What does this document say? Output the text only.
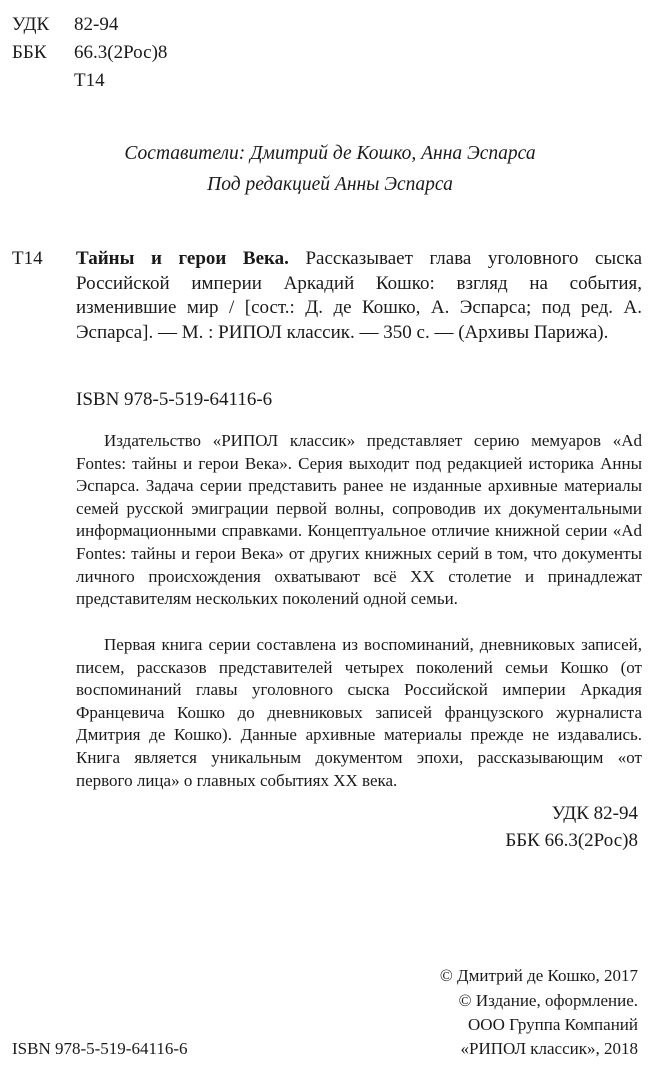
УДК 82-94
ББК 66.3(2Рос)8
Т14
Составители: Дмитрий де Кошко, Анна Эспарса
Под редакцией Анны Эспарса
Т14 Тайны и герои Века. Рассказывает глава уголовного сыска Российской империи Аркадий Кошко: взгляд на события, изменившие мир / [сост.: Д. де Кошко, А. Эспарса; под ред. А. Эспарса]. — М. : РИПОЛ классик. — 350 с. — (Архивы Парижа).
ISBN 978-5-519-64116-6

Издательство «РИПОЛ классик» представляет серию мемуаров «Ad Fontes: тайны и герои Века». Серия выходит под редакцией историка Анны Эспарса. Задача серии представить ранее не изданные архивные материалы семей русской эмиграции первой волны, сопроводив их документальными информационными справками. Концептуальное отличие книжной серии «Ad Fontes: тайны и герои Века» от других книжных серий в том, что документы личного происхождения охватывают всё XX столетие и принадлежат представителям нескольких поколений одной семьи.

Первая книга серии составлена из воспоминаний, дневниковых записей, писем, рассказов представителей четырех поколений семьи Кошко (от воспоминаний главы уголовного сыска Российской империи Аркадия Францевича Кошко до дневниковых записей французского журналиста Дмитрия де Кошко). Данные архивные материалы прежде не издавались. Книга является уникальным документом эпохи, рассказывающим «от первого лица» о главных событиях XX века.

УДК 82-94
ББК 66.3(2Рос)8
© Дмитрий де Кошко, 2017
© Издание, оформление.
ООО Группа Компаний
«РИПОЛ классик», 2018
ISBN 978-5-519-64116-6
